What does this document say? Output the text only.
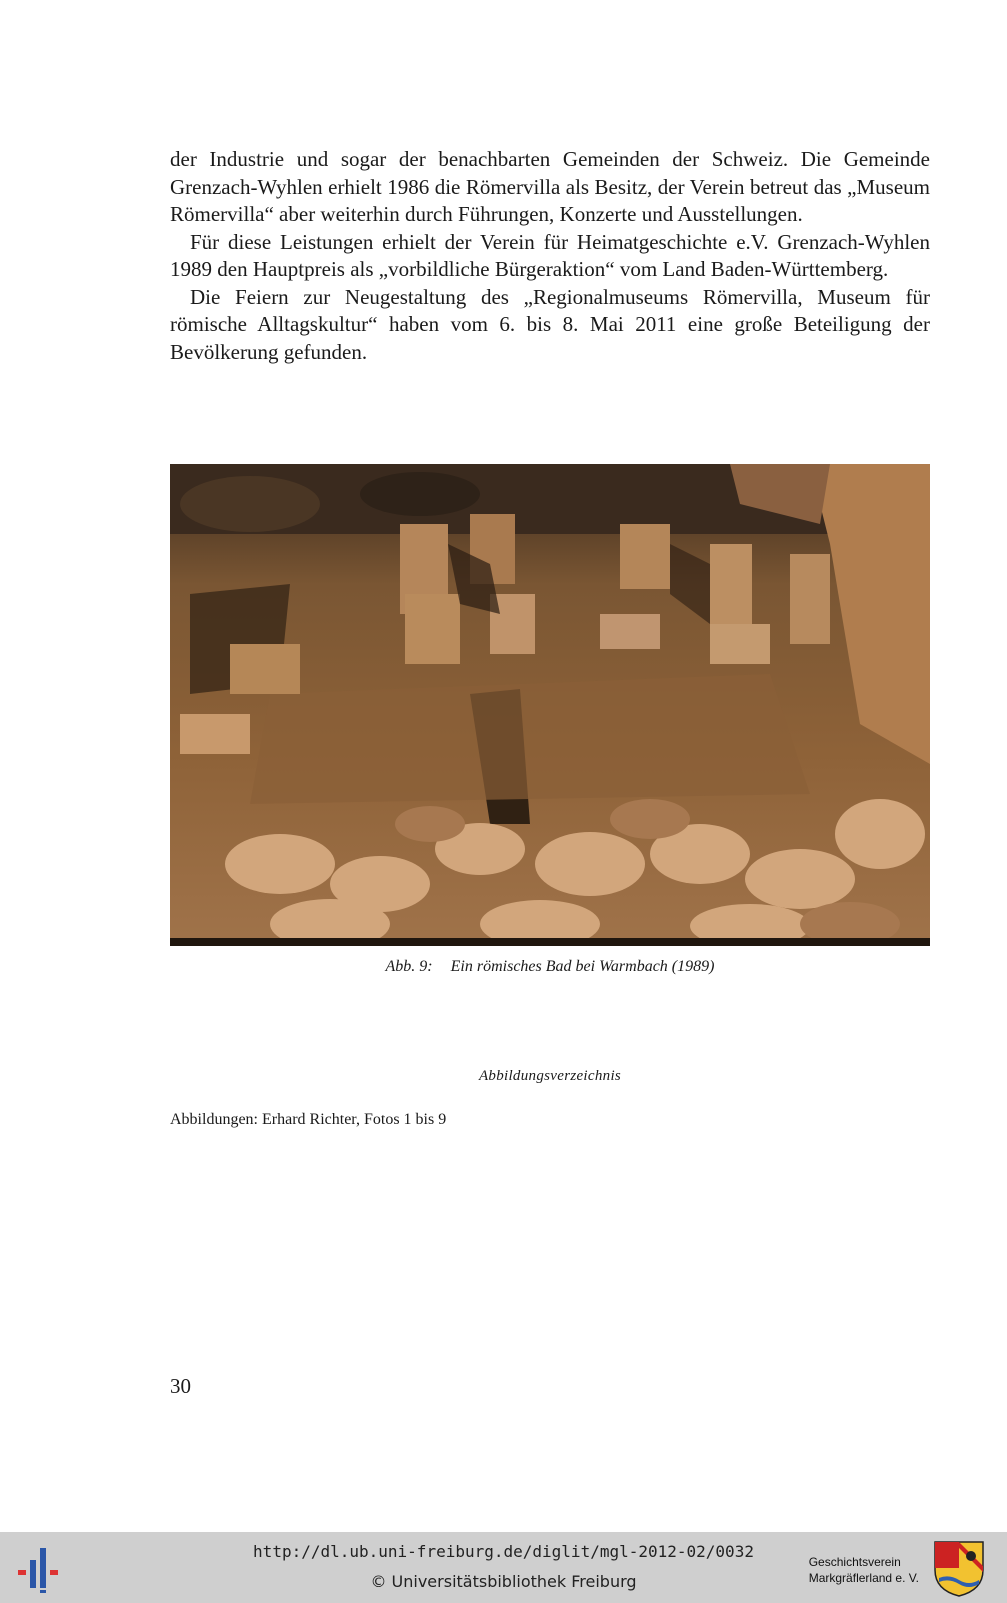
der Industrie und sogar der benachbarten Gemeinden der Schweiz. Die Gemeinde Grenzach-Wyhlen erhielt 1986 die Römervilla als Besitz, der Verein betreut das „Museum Römervilla“ aber weiterhin durch Führungen, Konzerte und Ausstellungen.

Für diese Leistungen erhielt der Verein für Heimatgeschichte e.V. Grenzach-Wyhlen 1989 den Hauptpreis als „vorbildliche Bürgeraktion“ vom Land Baden-Württemberg.

Die Feiern zur Neugestaltung des „Regionalmuseums Römervilla, Museum für römische Alltagskultur“ haben vom 6. bis 8. Mai 2011 eine große Beteiligung der Bevölkerung gefunden.

Abb. 9: Ein römisches Bad bei Warmbach (1989)
Abbildungsverzeichnis
Abbildungen: Erhard Richter, Fotos 1 bis 9
30
http://dl.ub.uni-freiburg.de/diglit/mgl-2012-02/0032
© Universitätsbibliothek Freiburg
Geschichtsverein
Markgräflerland e. V.
